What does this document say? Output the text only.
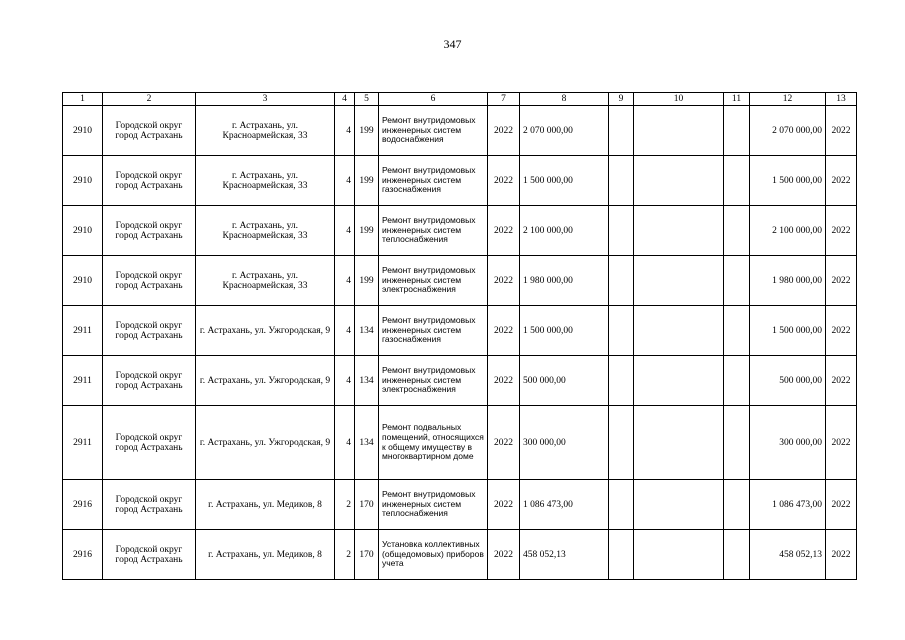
347
1	2	3	4	5	6	7	8	9	10	11	12	13
2910	Городской округ город Астрахань	г. Астрахань, ул. Красноармейская, 33	4	199	Ремонт внутридомовых инженерных систем водоснабжения	2022	2 070 000,00				2 070 000,00	2022
2910	Городской округ город Астрахань	г. Астрахань, ул. Красноармейская, 33	4	199	Ремонт внутридомовых инженерных систем газоснабжения	2022	1 500 000,00				1 500 000,00	2022
2910	Городской округ город Астрахань	г. Астрахань, ул. Красноармейская, 33	4	199	Ремонт внутридомовых инженерных систем теплоснабжения	2022	2 100 000,00				2 100 000,00	2022
2910	Городской округ город Астрахань	г. Астрахань, ул. Красноармейская, 33	4	199	Ремонт внутридомовых инженерных систем электроснабжения	2022	1 980 000,00				1 980 000,00	2022
2911	Городской округ город Астрахань	г. Астрахань, ул. Ужгородская, 9	4	134	Ремонт внутридомовых инженерных систем газоснабжения	2022	1 500 000,00				1 500 000,00	2022
2911	Городской округ город Астрахань	г. Астрахань, ул. Ужгородская, 9	4	134	Ремонт внутридомовых инженерных систем электроснабжения	2022	500 000,00				500 000,00	2022
2911	Городской округ город Астрахань	г. Астрахань, ул. Ужгородская, 9	4	134	Ремонт подвальных помещений, относящихся к общему имуществу в многоквартирном доме	2022	300 000,00				300 000,00	2022
2916	Городской округ город Астрахань	г. Астрахань, ул. Медиков, 8	2	170	Ремонт внутридомовых инженерных систем теплоснабжения	2022	1 086 473,00				1 086 473,00	2022
2916	Городской округ город Астрахань	г. Астрахань, ул. Медиков, 8	2	170	Установка коллективных (общедомовых) приборов учета	2022	458 052,13				458 052,13	2022
